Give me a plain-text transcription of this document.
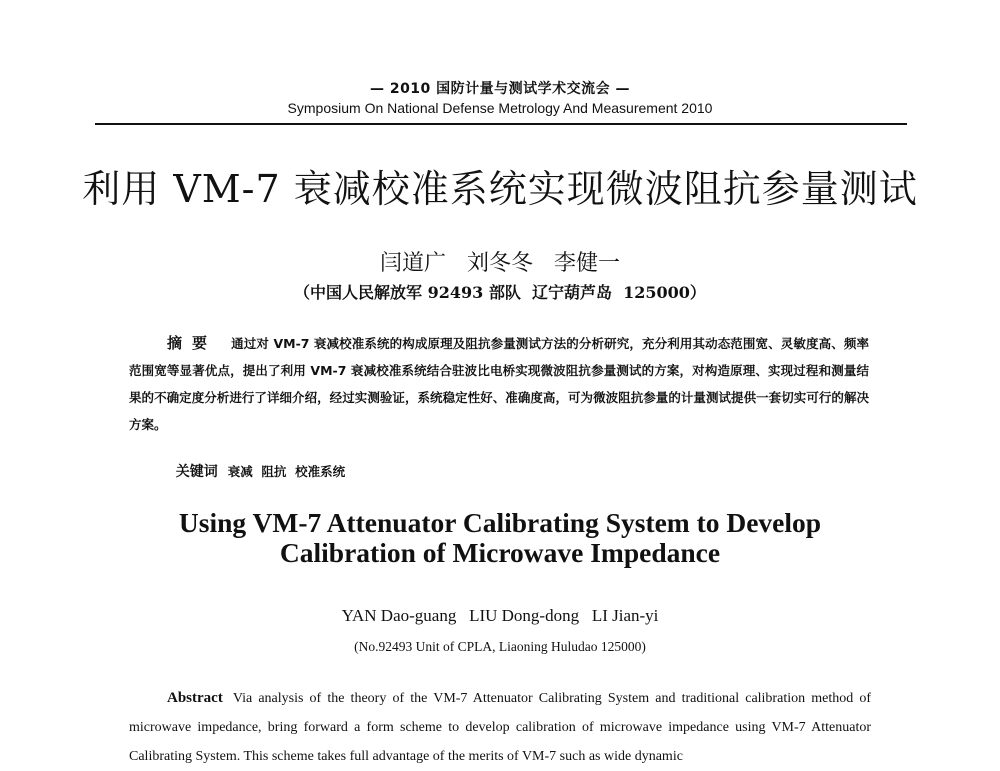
— 2010 国防计量与测试学术交流会 —
Symposium On National Defense Metrology And Measurement 2010
利用 VM-7 衰减校准系统实现微波阻抗参量测试
闫道广   刘冬冬   李健一
（中国人民解放军 92493 部队  辽宁葫芦岛  125000）
摘要 通过对 VM-7 衰减校准系统的构成原理及阻抗参量测试方法的分析研究，充分利用其动态范围宽、灵敏度高、频率范围宽等显著优点，提出了利用 VM-7 衰减校准系统结合驻波比电桥实现微波阻抗参量测试的方案，对构造原理、实现过程和测量结果的不确定度分析进行了详细介绍，经过实测验证，系统稳定性好、准确度高，可为微波阻抗参量的计量测试提供一套切实可行的解决方案。

关键词 衰减  阻抗  校准系统

Using VM-7 Attenuator Calibrating System to Develop
Calibration of Microwave Impedance
YAN Dao-guang   LIU Dong-dong   LI Jian-yi
(No.92493 Unit of CPLA, Liaoning Huludao 125000)

Abstract Via analysis of the theory of the VM-7 Attenuator Calibrating System and traditional calibration method of microwave impedance, bring forward a form scheme to develop calibration of microwave impedance using VM-7 Attenuator Calibrating System. This scheme takes full advantage of the merits of VM-7 such as wide dynamic
